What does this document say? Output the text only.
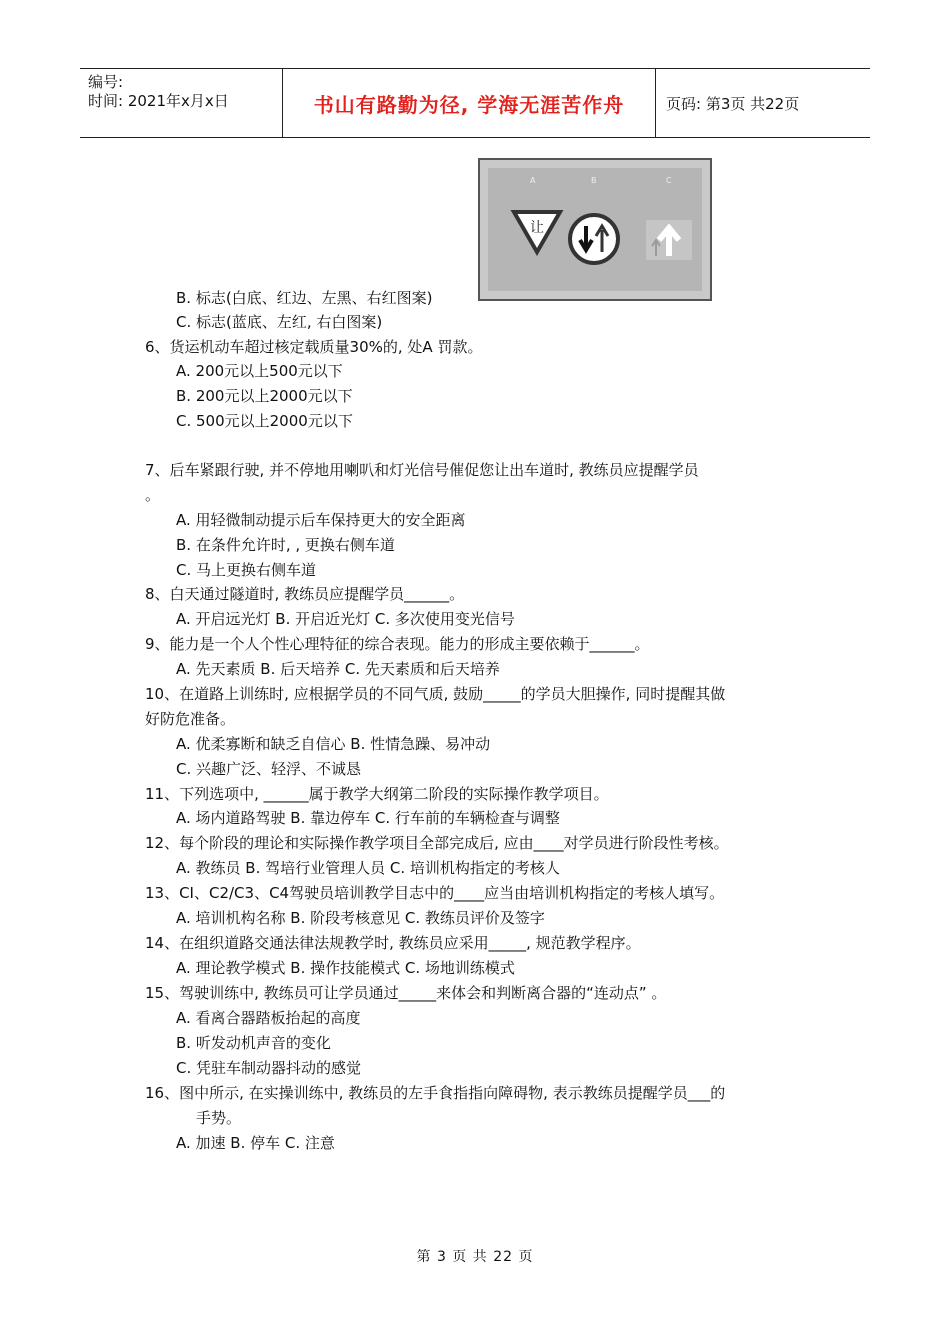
编号:
时间: 2021年x月x日	书山有路勤为径, 学海无涯苦作舟	页码: 第3页 共22页
A	B	C
让
B. 标志(白底、红边、左黑、右红图案)
C. 标志(蓝底、左红, 右白图案)
6、货运机动车超过核定载质量30%的, 处A 罚款。
A. 200元以上500元以下
B. 200元以上2000元以下
C. 500元以上2000元以下
7、后车紧跟行驶, 并不停地用喇叭和灯光信号催促您让出车道时, 教练员应提醒学员
。
A. 用轻微制动提示后车保持更大的安全距离
B. 在条件允许时, , 更换右侧车道
C. 马上更换右侧车道
8、白天通过隧道时, 教练员应提醒学员______。
A. 开启远光灯 B. 开启近光灯 C. 多次使用变光信号
9、能力是一个人个性心理特征的综合表现。能力的形成主要依赖于______。
A. 先天素质 B. 后天培养 C. 先天素质和后天培养
10、在道路上训练时, 应根据学员的不同气质, 鼓励_____的学员大胆操作, 同时提醒其做
好防危准备。
A. 优柔寡断和缺乏自信心 B. 性情急躁、易冲动
C. 兴趣广泛、轻浮、不诚恳
11、下列选项中, ______属于教学大纲第二阶段的实际操作教学项目。
A. 场内道路驾驶 B. 靠边停车 C. 行车前的车辆检查与调整
12、每个阶段的理论和实际操作教学项目全部完成后, 应由____对学员进行阶段性考核。
A. 教练员 B. 驾培行业管理人员 C. 培训机构指定的考核人
13、CI、C2/C3、C4驾驶员培训教学目志中的____应当由培训机构指定的考核人填写。
A. 培训机构名称 B. 阶段考核意见 C. 教练员评价及签字
14、在组织道路交通法律法规教学时, 教练员应采用_____, 规范教学程序。
A. 理论教学模式 B. 操作技能模式 C. 场地训练模式
15、驾驶训练中, 教练员可让学员通过_____来体会和判断离合器的“连动点” 。
A. 看离合器踏板抬起的高度
B. 听发动机声音的变化
C. 凭驻车制动器抖动的感觉
16、图中所示, 在实操训练中, 教练员的左手食指指向障碍物, 表示教练员提醒学员___的
手势。
A. 加速 B. 停车 C. 注意
第 3 页 共 22 页
